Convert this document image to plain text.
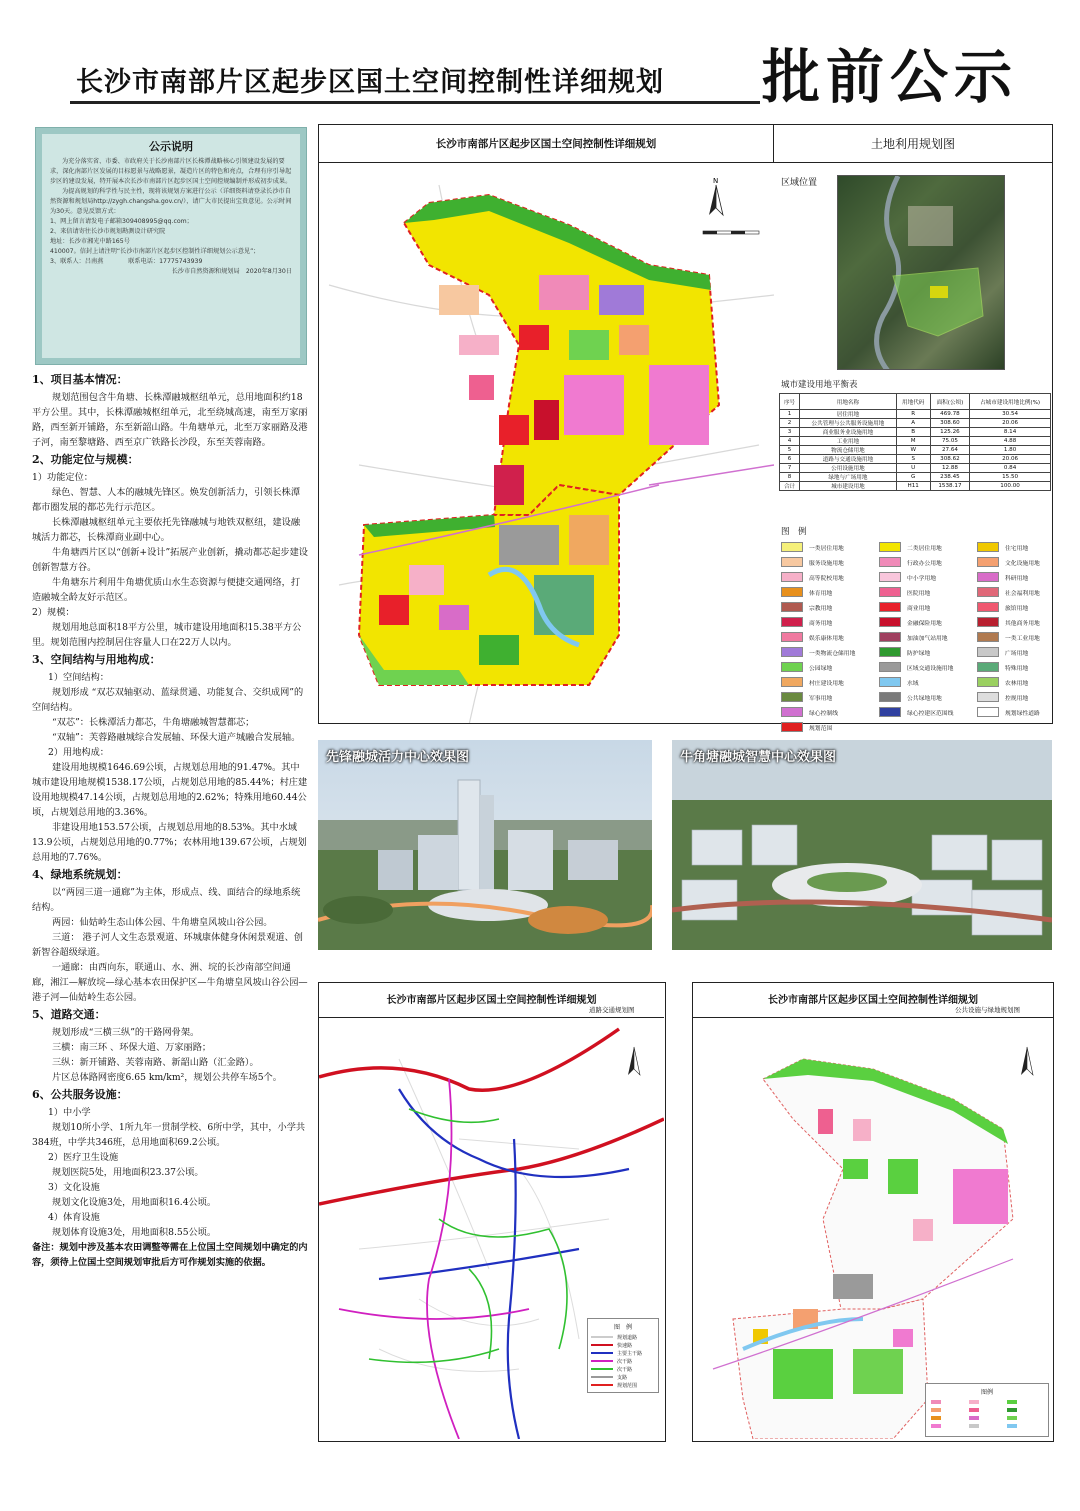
长沙市南部片区起步区国土空间控制性详细规划 批前公示
公示说明

为充分落实省、市委、市政府关于长沙南部片区长株潭战略核心引领建设发展的要求，深化南部片区发展的目标愿景与战略愿景，凝造片区的特色和亮点，合理有序引导起步区的建设发展，特开展本次长沙市南部片区起步区国土空间控规编制并形成初步成果。

为提高规划的科学性与民主性，现将该规划方案进行公示（详细资料请登录长沙市自然资源和规划局http://zygh.changsha.gov.cn/），请广大市民提出宝贵意见。公示时间为30天。意见反馈方式：

1、网上留言请发电子邮箱309408995@qq.com；

2、来信请寄往长沙市规划勘测设计研究院

地址：长沙市湘光中路165号

410007。信封上请注明“长沙市南部片区起步区控制性详细规划公示意见”；

3、联系人：吕南燕　　　　联系电话：17775743939

长沙市自然资源和规划局　2020年8月30日

1、项目基本情况：

规划范围包含牛角塘、长株潭融城枢纽单元，总用地面积约18平方公里。其中，长株潭融城枢纽单元，北至绕城高速，南至万家丽路，西至新开铺路，东至新韶山路。牛角塘单元，北至万家丽路及港子河，南至黎塘路、西至京广铁路长沙段，东至芙蓉南路。

2、功能定位与规模：

1）功能定位：

绿色、智慧、人本的融城先锋区。焕发创新活力，引领长株潭都市圈发展的都芯先行示范区。

长株潭融城枢纽单元主要依托先锋融城与地铁双枢纽，建设融城活力都芯，长株潭商业副中心。

牛角塘西片区以“创新+设计”拓展产业创新，撬动都芯起步建设创新智慧方谷。

牛角塘东片利用牛角塘优质山水生态资源与便捷交通网络，打造融城全龄友好示范区。

2）规模：

规划用地总面积18平方公里，城市建设用地面积15.38平方公里。规划范围内控制居住容量人口在22万人以内。

3、空间结构与用地构成：

1）空间结构：

规划形成 “双芯双轴驱动、蓝绿贯通、功能复合、交织成网”的空间结构。

“双芯”：长株潭活力都芯，牛角塘融城智慧都芯；

“双轴”：芙蓉路融城综合发展轴、环保大道产城融合发展轴。

2）用地构成：

建设用地规模1646.69公顷，占规划总用地的91.47%。其中城市建设用地规模1538.17公顷，占规划总用地的85.44%；村庄建设用地规模47.14公顷，占规划总用地的2.62%；特殊用地60.44公顷，占规划总用地的3.36%。

非建设用地153.57公顷，占规划总用地的8.53%。其中水域13.9公顷，占规划总用地的0.77%；农林用地139.67公顷，占规划总用地的7.76%。

4、绿地系统规划：

以“两园三道一通廊”为主体，形成点、线、面结合的绿地系统结构。

两园：仙姑岭生态山体公园、牛角塘皇风坡山谷公园。

三道： 港子河人文生态景观道、环城康体健身休闲景观道、创新智谷超级绿道。

一通廊：由西向东，联通山、水、洲、垸的长沙南部空间通廊，湘江—解放垸—绿心基本农田保护区—牛角塘皇风坡山谷公园—港子河—仙姑岭生态公园。

5、道路交通：

规划形成“三横三纵”的干路网骨架。

三横：南三环 、环保大道、万家丽路；

三纵：新开铺路、芙蓉南路、新韶山路（汇金路）。

片区总体路网密度6.65 km/km²，规划公共停车场5个。

6、公共服务设施：

1）中小学

规划10所小学、1所九年一贯制学校、6所中学，其中，小学共384班，中学共346班，总用地面积69.2公顷。

2）医疗卫生设施

规划医院5处，用地面积23.37公顷。

3）文化设施

规划文化设施3处，用地面积16.4公顷。

4）体育设施

规划体育设施3处，用地面积8.55公顷。

备注：规划中涉及基本农田调整等需在上位国土空间规划中确定的内容，须待上位国土空间规划审批后方可作规划实施的依据。

长沙市南部片区起步区国土空间控制性详细规划	土地利用规划图
N	区域位置
城市建设用地平衡表
序号	用地名称	用地代码	面积(公顷)	占城市建设用地比例(%)
1	居住用地	R	469.78	30.54
2	公共管理与公共服务设施用地	A	308.60	20.06
3	商业服务业设施用地	B	125.26	8.14
4	工业用地	M	75.05	4.88
5	物流仓储用地	W	27.64	1.80
6	道路与交通设施用地	S	308.62	20.06
7	公用设施用地	U	12.88	0.84
8	绿地与广场用地	G	238.45	15.50
合计	城市建设用地	H11	1538.17	100.00
图　例
一类居住用地	二类居住用地	住宅用地
服务设施用地	行政办公用地	文化设施用地
高等院校用地	中小学用地	科研用地
体育用地	医院用地	社会福利用地
宗教用地	商业用地	旅馆用地
商务用地	金融保险用地	其他商务用地
娱乐康体用地	加油加气站用地	一类工业用地
一类物流仓储用地	防护绿地	广场用地
公园绿地	区域交通设施用地	特殊用地
村庄建设用地	水域	农林用地
军事用地	公共绿地用地	控规用地
绿心控制线	绿心控建区范围线	规划绿性道路
规划范围
先锋融城活力中心效果图	牛角塘融城智慧中心效果图
长沙市南部片区起步区国土空间控制性详细规划
道路交通规划图
图　例
规划道路
快速路
主要主干路
次干路
次干路
支路
规划范围
长沙市南部片区起步区国土空间控制性详细规划
公共设施与绿地规划图
图例
